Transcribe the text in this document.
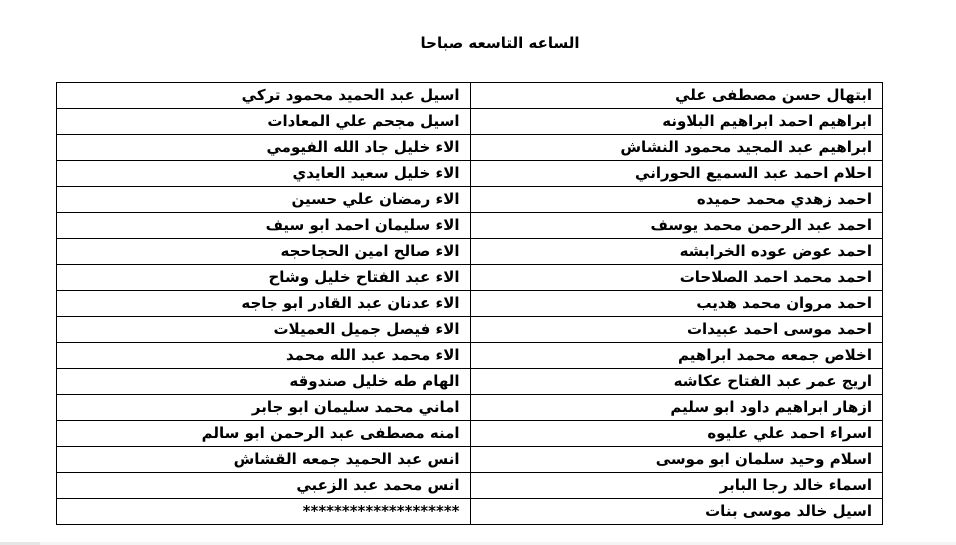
الساعه التاسعه صباحا
ابتهال حسن مصطفى علي	اسيل عبد الحميد محمود تركي
ابراهيم احمد ابراهيم البلاونه	اسيل مجحم علي المعادات
ابراهيم عبد المجيد محمود النشاش	الاء خليل جاد الله الفيومي
احلام احمد عبد السميع الحوراني	الاء خليل سعيد العايدي
احمد زهدي محمد حميده	الاء رمضان علي حسين
احمد عبد الرحمن محمد يوسف	الاء سليمان احمد ابو سيف
احمد عوض عوده الخرابشه	الاء صالح امين الحجاحجه
احمد محمد احمد الصلاحات	الاء عبد الفتاح خليل وشاح
احمد مروان محمد هديب	الاء عدنان عبد القادر ابو جاجه
احمد موسى احمد عبيدات	الاء فيصل جميل العميلات
اخلاص جمعه محمد ابراهيم	الاء محمد عبد الله محمد
اريج عمر عبد الفتاح عكاشه	الهام طه خليل صندوقه
ازهار ابراهيم داود ابو سليم	اماني محمد سليمان ابو جابر
اسراء احمد علي عليوه	امنه مصطفى عبد الرحمن ابو سالم
اسلام وحيد سلمان ابو موسى	انس عبد الحميد جمعه القشاش
اسماء خالد رجا البابر	انس محمد عبد الزعبي
اسيل خالد موسى بنات	********************
